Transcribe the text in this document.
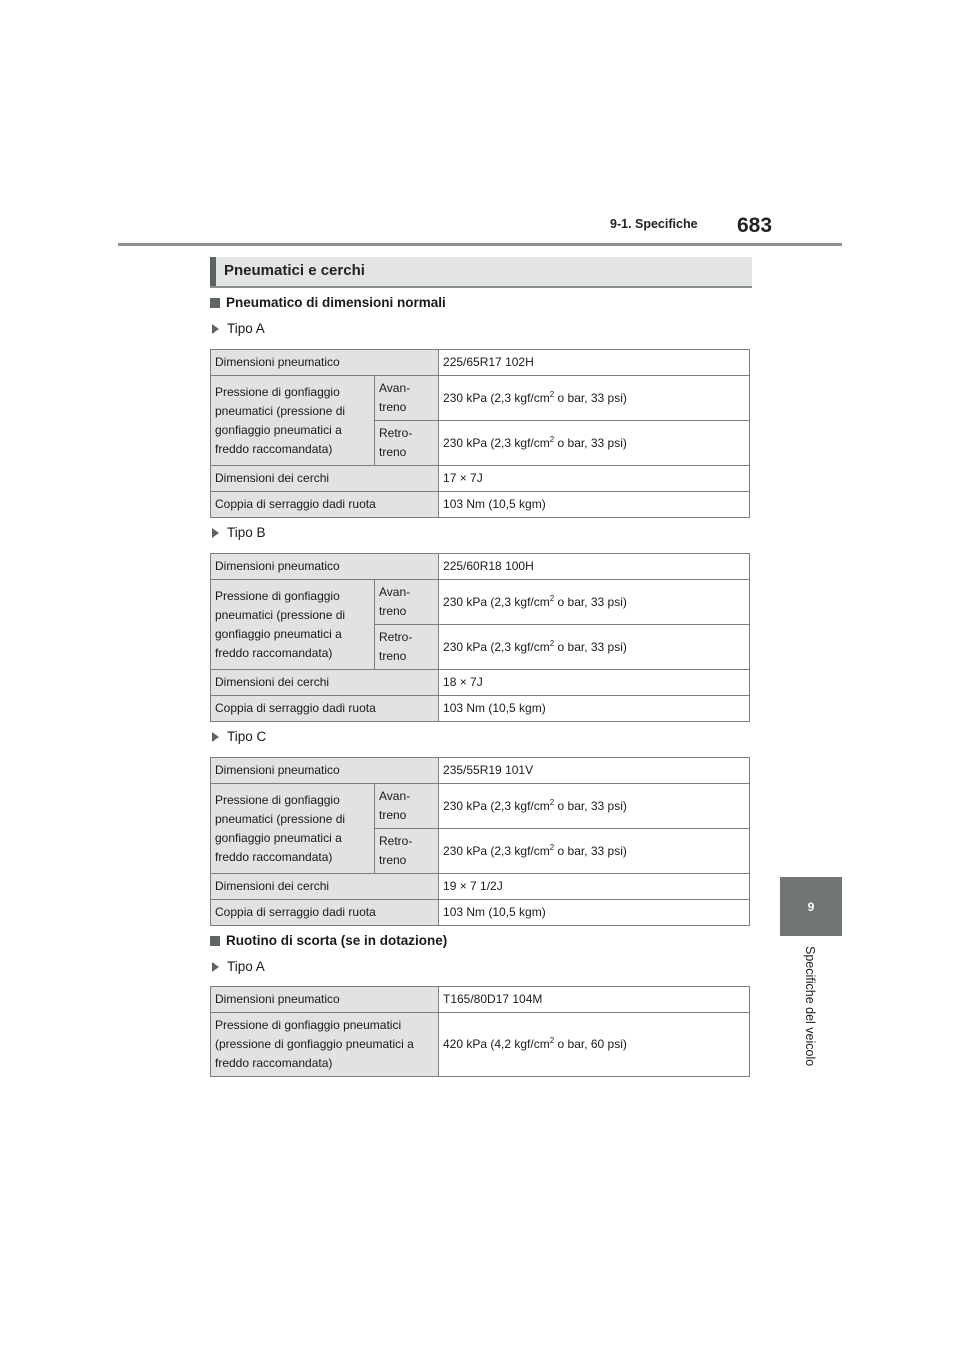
9-1. Specifiche 683
9
Specifiche del veicolo
Pneumatici e cerchi
Pneumatico di dimensioni normali
Tipo A
Dimensioni pneumatico		225/65R17 102H
Pressione di gonfiaggio pneumatici (pressione di gonfiaggio pneumatici a freddo raccomandata)	Avan-treno	230 kPa (2,3 kgf/$cm^2$ o bar, 33 psi)
	Retro-treno	230 kPa (2,3 kgf/$cm^2$ o bar, 33 psi)
Dimensioni dei cerchi		17 × 7J
Coppia di serraggio dadi ruota		103 Nm (10,5 kgm)
Tipo B
Dimensioni pneumatico		225/60R18 100H
Pressione di gonfiaggio pneumatici (pressione di gonfiaggio pneumatici a freddo raccomandata)	Avan-treno	230 kPa (2,3 kgf/$cm^2$ o bar, 33 psi)
	Retro-treno	230 kPa (2,3 kgf/$cm^2$ o bar, 33 psi)
Dimensioni dei cerchi		18 × 7J
Coppia di serraggio dadi ruota		103 Nm (10,5 kgm)
Tipo C
Dimensioni pneumatico		235/55R19 101V
Pressione di gonfiaggio pneumatici (pressione di gonfiaggio pneumatici a freddo raccomandata)	Avan-treno	230 kPa (2,3 kgf/$cm^2$ o bar, 33 psi)
	Retro-treno	230 kPa (2,3 kgf/$cm^2$ o bar, 33 psi)
Dimensioni dei cerchi		19 × 7 1/2J
Coppia di serraggio dadi ruota		103 Nm (10,5 kgm)
Ruotino di scorta (se in dotazione)
Tipo A
Dimensioni pneumatico	T165/80D17 104M
Pressione di gonfiaggio pneumatici (pressione di gonfiaggio pneumatici a freddo raccomandata)	420 kPa (4,2 kgf/$cm^2$ o bar, 60 psi)
